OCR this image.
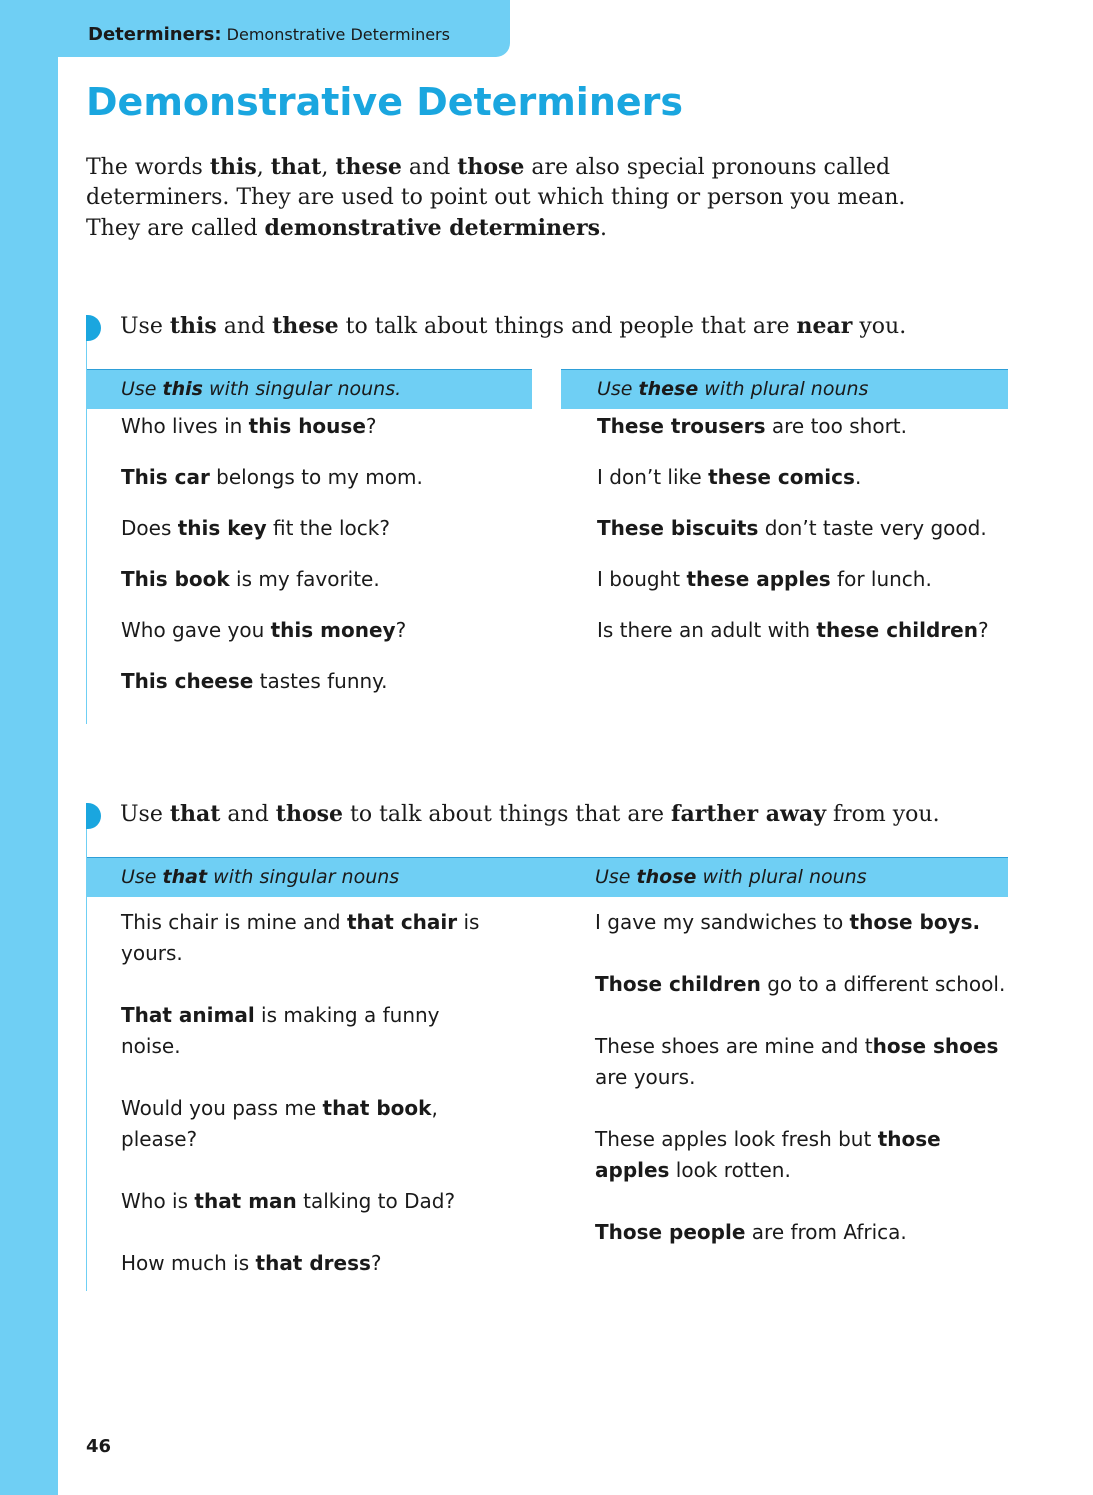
Determiners: Demonstrative Determiners
Demonstrative Determiners

The words this, that, these and those are also special pronouns called determiners. They are used to point out which thing or person you mean. They are called demonstrative determiners.

Use this and these to talk about things and people that are near you.

Use this with singular nouns.

Who lives in this house?

This car belongs to my mom.

Does this key fit the lock?

This book is my favorite.

Who gave you this money?

This cheese tastes funny.

Use these with plural nouns

These trousers are too short.

I don’t like these comics.

These biscuits don’t taste very good.

I bought these apples for lunch.

Is there an adult with these children?

Use that and those to talk about things that are farther away from you.

Use that with singular nouns

This chair is mine and that chair is yours.

That animal is making a funny noise.

Would you pass me that book, please?

Who is that man talking to Dad?

How much is that dress?

Use those with plural nouns

I gave my sandwiches to those boys.

Those children go to a different school.

These shoes are mine and those shoes are yours.

These apples look fresh but those apples look rotten.

Those people are from Africa.

46
